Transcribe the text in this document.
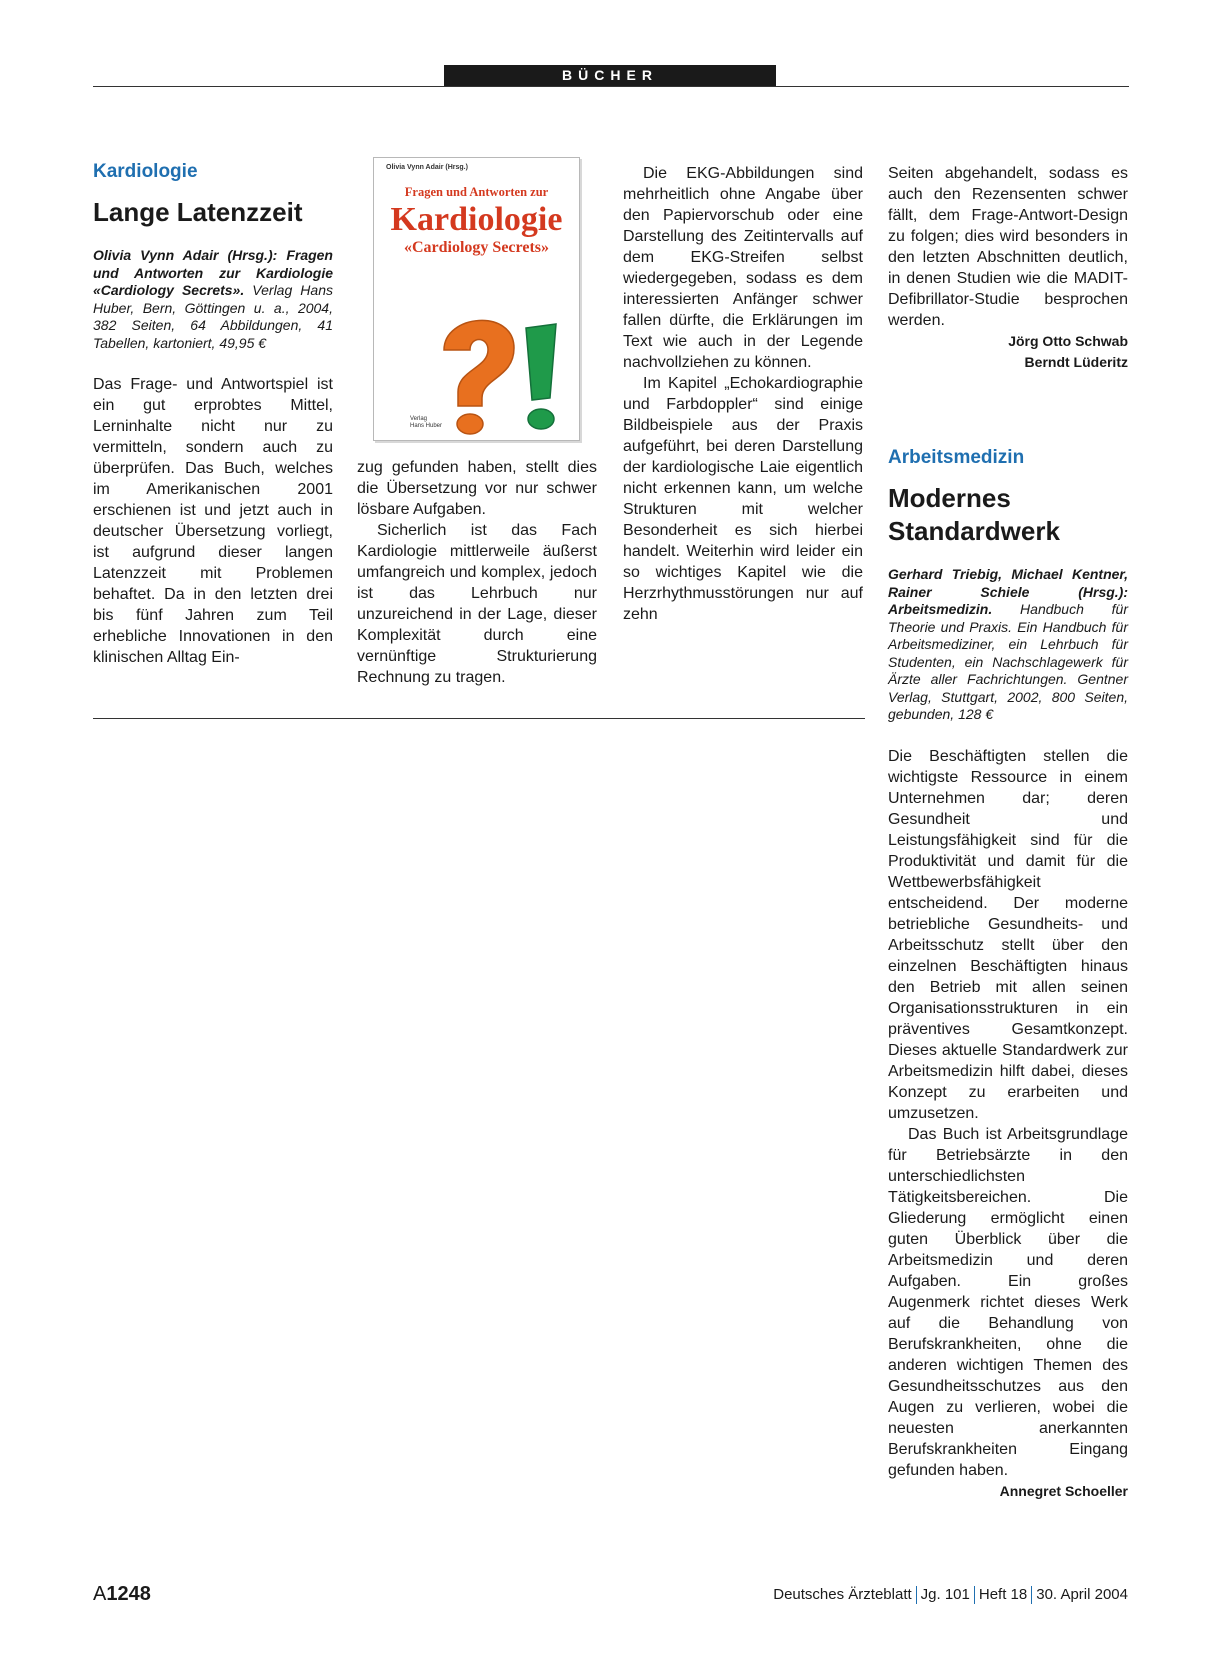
BÜCHER
Kardiologie
Lange Latenzzeit
Olivia Vynn Adair (Hrsg.): Fragen und Antworten zur Kardiologie «Cardiology Secrets». Verlag Hans Huber, Bern, Göttingen u. a., 2004, 382 Seiten, 64 Abbildungen, 41 Tabellen, kartoniert, 49,95 €

Das Frage- und Antwortspiel ist ein gut erprobtes Mittel, Lerninhalte nicht nur zu vermitteln, sondern auch zu überprüfen. Das Buch, welches im Amerikanischen 2001 erschienen ist und jetzt auch in deutscher Übersetzung vorliegt, ist aufgrund dieser langen Latenzzeit mit Problemen behaftet. Da in den letzten drei bis fünf Jahren zum Teil erhebliche Innovationen in den klinischen Alltag Ein-

Olivia Vynn Adair (Hrsg.)
Fragen und Antworten zur
Kardiologie
«Cardiology Secrets»
Verlag
Hans Huber

zug gefunden haben, stellt dies die Übersetzung vor nur schwer lösbare Aufgaben.

Sicherlich ist das Fach Kardiologie mittlerweile äußerst umfangreich und komplex, jedoch ist das Lehrbuch nur unzureichend in der Lage, dieser Komplexität durch eine vernünftige Strukturierung Rechnung zu tragen.

Die EKG-Abbildungen sind mehrheitlich ohne Angabe über den Papiervorschub oder eine Darstellung des Zeitintervalls auf dem EKG-Streifen selbst wiedergegeben, sodass es dem interessierten Anfänger schwer fallen dürfte, die Erklärungen im Text wie auch in der Legende nachvollziehen zu können.

Im Kapitel „Echokardiographie und Farbdoppler“ sind einige Bildbeispiele aus der Praxis aufgeführt, bei deren Darstellung der kardiologische Laie eigentlich nicht erkennen kann, um welche Strukturen mit welcher Besonderheit es sich hierbei handelt. Weiterhin wird leider ein so wichtiges Kapitel wie die Herzrhythmusstörungen nur auf zehn

Seiten abgehandelt, sodass es auch den Rezensenten schwer fällt, dem Frage-Antwort-Design zu folgen; dies wird besonders in den letzten Abschnitten deutlich, in denen Studien wie die MADIT-Defibrillator-Studie besprochen werden.

Jörg Otto Schwab
Berndt Lüderitz
Arbeitsmedizin
Modernes
Standardwerk
Gerhard Triebig, Michael Kentner, Rainer Schiele (Hrsg.): Arbeitsmedizin. Handbuch für Theorie und Praxis. Ein Handbuch für Arbeitsmediziner, ein Lehrbuch für Studenten, ein Nachschlagewerk für Ärzte aller Fachrichtungen. Gentner Verlag, Stuttgart, 2002, 800 Seiten, gebunden, 128 €

Die Beschäftigten stellen die wichtigste Ressource in einem Unternehmen dar; deren Gesundheit und Leistungsfähigkeit sind für die Produktivität und damit für die Wettbewerbsfähigkeit entscheidend. Der moderne betriebliche Gesundheits- und Arbeitsschutz stellt über den einzelnen Beschäftigten hinaus den Betrieb mit allen seinen Organisationsstrukturen in ein präventives Gesamtkonzept. Dieses aktuelle Standardwerk zur Arbeitsmedizin hilft dabei, dieses Konzept zu erarbeiten und umzusetzen.

Das Buch ist Arbeitsgrundlage für Betriebsärzte in den unterschiedlichsten Tätigkeitsbereichen. Die Gliederung ermöglicht einen guten Überblick über die Arbeitsmedizin und deren Aufgaben. Ein großes Augenmerk richtet dieses Werk auf die Behandlung von Berufskrankheiten, ohne die anderen wichtigen Themen des Gesundheitsschutzes aus den Augen zu verlieren, wobei die neuesten anerkannten Berufskrankheiten Eingang gefunden haben.
Annegret Schoeller

A1248	Deutsches Ärzteblatt Jg. 101 Heft 18 30. April 2004
